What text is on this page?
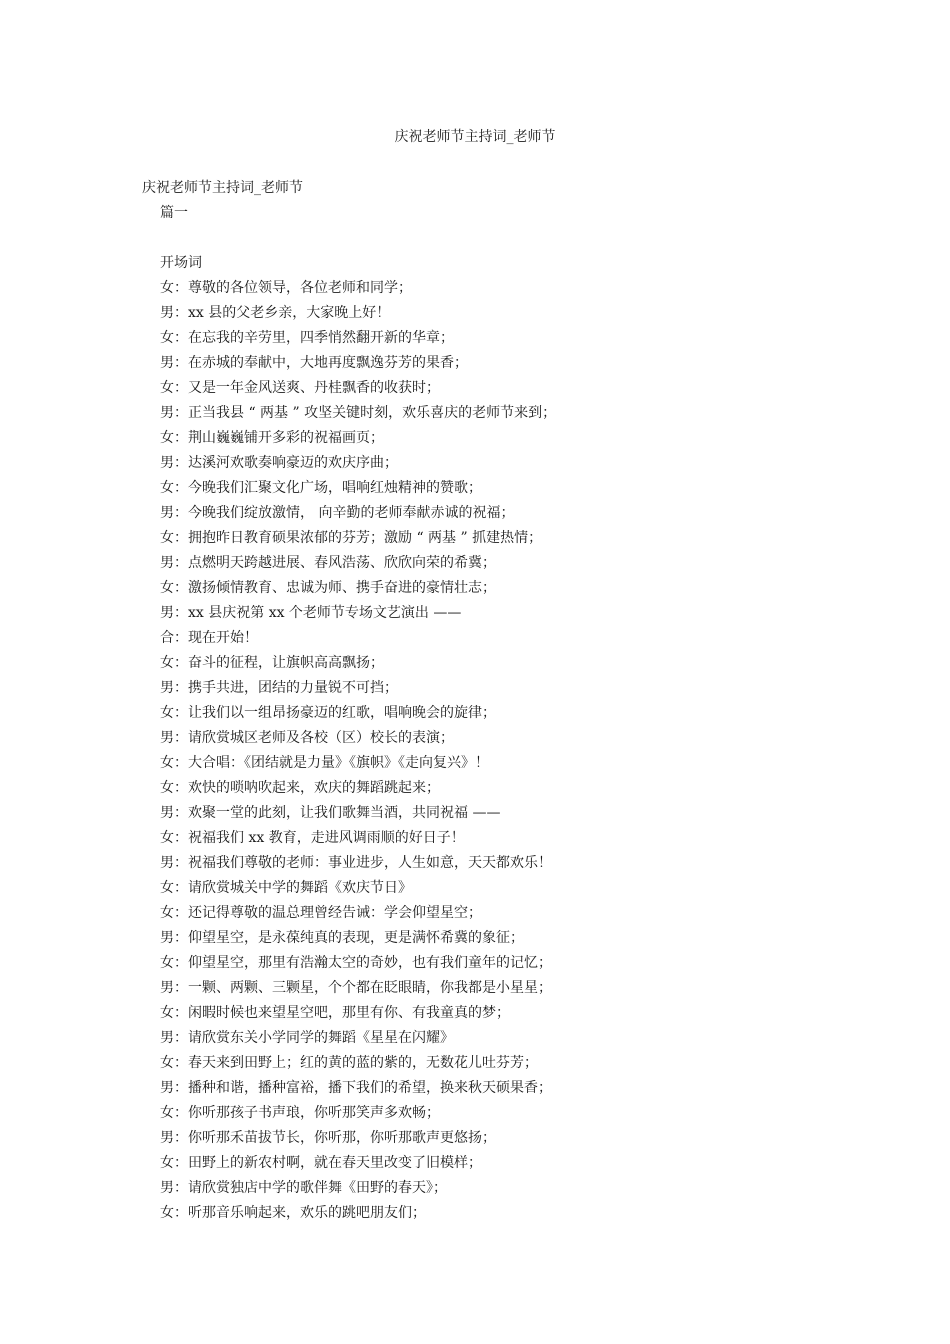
庆祝老师节主持词_老师节
庆祝老师节主持词_老师节
篇一
开场词
女：尊敬的各位领导，各位老师和同学；
男：xx 县的父老乡亲，大家晚上好！
女：在忘我的辛劳里，四季悄然翻开新的华章；
男：在赤城的奉献中，大地再度飘逸芬芳的果香；
女：又是一年金风送爽、丹桂飘香的收获时；
男：正当我县 “ 两基 ” 攻坚关键时刻，欢乐喜庆的老师节来到；
女：荆山巍巍铺开多彩的祝福画页；
男：达溪河欢歌奏响豪迈的欢庆序曲；
女：今晚我们汇聚文化广场，唱响红烛精神的赞歌；
男：今晚我们绽放激情， 向辛勤的老师奉献赤诚的祝福；
女：拥抱昨日教育硕果浓郁的芬芳；激励 “ 两基 ” 抓建热情；
男：点燃明天跨越进展、春风浩荡、欣欣向荣的希冀；
女：激扬倾情教育、忠诚为师、携手奋进的豪情壮志；
男：xx 县庆祝第 xx 个老师节专场文艺演出 ——
合：现在开始！
女：奋斗的征程，让旗帜高高飘扬；
男：携手共进，团结的力量锐不可挡；
女：让我们以一组昂扬豪迈的红歌，唱响晚会的旋律；
男：请欣赏城区老师及各校（区）校长的表演；
女：大合唱：《团结就是力量》《旗帜》《走向复兴》！
女：欢快的唢呐吹起来，欢庆的舞蹈跳起来；
男：欢聚一堂的此刻，让我们歌舞当酒，共同祝福 ——
女：祝福我们 xx 教育，走进风调雨顺的好日子！
男：祝福我们尊敬的老师：事业进步，人生如意，天天都欢乐！
女：请欣赏城关中学的舞蹈《欢庆节日》
女：还记得尊敬的温总理曾经告诫：学会仰望星空；
男：仰望星空，是永葆纯真的表现，更是满怀希冀的象征；
女：仰望星空，那里有浩瀚太空的奇妙，也有我们童年的记忆；
男：一颗、两颗、三颗星，个个都在眨眼睛，你我都是小星星；
女：闲暇时候也来望星空吧，那里有你、有我童真的梦；
男：请欣赏东关小学同学的舞蹈《星星在闪耀》
女：春天来到田野上；红的黄的蓝的紫的，无数花儿吐芬芳；
男：播种和谐，播种富裕，播下我们的希望，换来秋天硕果香；
女：你听那孩子书声琅，你听那笑声多欢畅；
男：你听那禾苗拔节长，你听那，你听那歌声更悠扬；
女：田野上的新农村啊，就在春天里改变了旧模样；
男：请欣赏独店中学的歌伴舞《田野的春天》；
女：听那音乐响起来，欢乐的跳吧朋友们；
